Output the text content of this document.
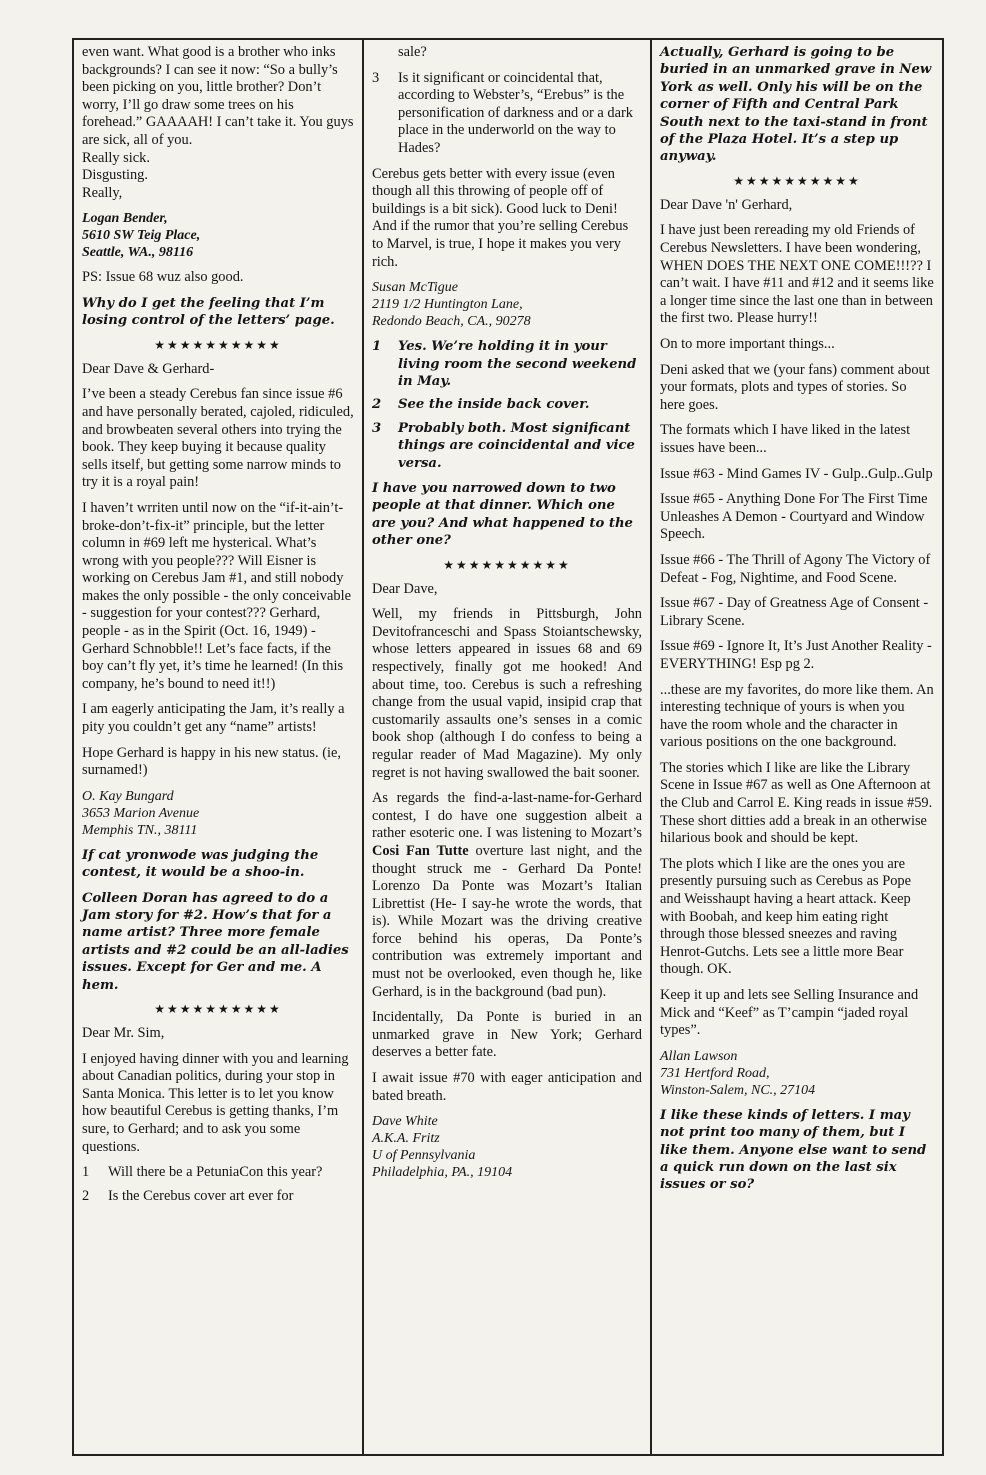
even want. What good is a brother who inks backgrounds? I can see it now: “So a bully’s been picking on you, little brother? Don’t worry, I’ll go draw some trees on his forehead.” GAAAAH! I can’t take it. You guys are sick, all of you.

Really sick.

Disgusting.

Really,

Logan Bender,
5610 SW Teig Place,
Seattle, WA., 98116

PS: Issue 68 wuz also good.

Why do I get the feeling that I’m losing control of the letters’ page.

★★★★★★★★★★

Dear Dave & Gerhard-

I’ve been a steady Cerebus fan since issue #6 and have personally berated, cajoled, ridiculed, and browbeaten several others into trying the book. They keep buying it because quality sells itself, but getting some narrow minds to try it is a royal pain!

I haven’t wrriten until now on the “if-it-ain’t-broke-don’t-fix-it” principle, but the letter column in #69 left me hysterical. What’s wrong with you people??? Will Eisner is working on Cerebus Jam #1, and still nobody makes the only possible - the only conceivable - suggestion for your contest??? Gerhard, people - as in the Spirit (Oct. 16, 1949) - Gerhard Schnobble!! Let’s face facts, if the boy can’t fly yet, it’s time he learned! (In this company, he’s bound to need it!!)

I am eagerly anticipating the Jam, it’s really a pity you couldn’t get any “name” artists!

Hope Gerhard is happy in his new status. (ie, surnamed!)

O. Kay Bungard
3653 Marion Avenue
Memphis TN., 38111

If cat yronwode was judging the contest, it would be a shoo-in.

Colleen Doran has agreed to do a Jam story for #2. How’s that for a name artist? Three more female artists and #2 could be an all-ladies issues. Except for Ger and me. A hem.

★★★★★★★★★★

Dear Mr. Sim,

I enjoyed having dinner with you and learning about Canadian politics, during your stop in Santa Monica. This letter is to let you know how beautiful Cerebus is getting thanks, I’m sure, to Gerhard; and to ask you some questions.

1	Will there be a PetuniaCon this year?
2	Is the Cerebus cover art ever for

sale?

3	Is it significant or coincidental that, according to Webster’s, “Erebus” is the personification of darkness and or a dark place in the underworld on the way to Hades?

Cerebus gets better with every issue (even though all this throwing of people off of buildings is a bit sick). Good luck to Deni! And if the rumor that you’re selling Cerebus to Marvel, is true, I hope it makes you very rich.

Susan McTigue
2119 1/2 Huntington Lane,
Redondo Beach, CA., 90278
1	Yes. We’re holding it in your living room the second weekend in May.
2	See the inside back cover.
3	Probably both. Most significant things are coincidental and vice versa.

I have you narrowed down to two people at that dinner. Which one are you? And what happened to the other one?

★★★★★★★★★★

Dear Dave,

Well, my friends in Pittsburgh, John Devitofranceschi and Spass Stoiantschewsky, whose letters appeared in issues 68 and 69 respectively, finally got me hooked! And about time, too. Cerebus is such a refreshing change from the usual vapid, insipid crap that customarily assaults one’s senses in a comic book shop (although I do confess to being a regular reader of Mad Magazine). My only regret is not having swallowed the bait sooner.

As regards the find-a-last-name-for-Gerhard contest, I do have one suggestion albeit a rather esoteric one. I was listening to Mozart’s Cosi Fan Tutte overture last night, and the thought struck me - Gerhard Da Ponte! Lorenzo Da Ponte was Mozart’s Italian Librettist (He- I say-he wrote the words, that is). While Mozart was the driving creative force behind his operas, Da Ponte’s contribution was extremely important and must not be overlooked, even though he, like Gerhard, is in the background (bad pun).

Incidentally, Da Ponte is buried in an unmarked grave in New York; Gerhard deserves a better fate.

I await issue #70 with eager anticipation and bated breath.

Dave White
A.K.A. Fritz
U of Pennsylvania
Philadelphia, PA., 19104

Actually, Gerhard is going to be buried in an unmarked grave in New York as well. Only his will be on the corner of Fifth and Central Park South next to the taxi-stand in front of the Plaza Hotel. It’s a step up anyway.

★★★★★★★★★★

Dear Dave 'n' Gerhard,

I have just been rereading my old Friends of Cerebus Newsletters. I have been wondering, WHEN DOES THE NEXT ONE COME!!!?? I can’t wait. I have #11 and #12 and it seems like a longer time since the last one than in between the first two. Please hurry!!

On to more important things...

Deni asked that we (your fans) comment about your formats, plots and types of stories. So here goes.

The formats which I have liked in the latest issues have been...

Issue #63 - Mind Games IV - Gulp..Gulp..Gulp

Issue #65 - Anything Done For The First Time Unleashes A Demon - Courtyard and Window Speech.

Issue #66 - The Thrill of Agony The Victory of Defeat - Fog, Nightime, and Food Scene.

Issue #67 - Day of Greatness Age of Consent - Library Scene.

Issue #69 - Ignore It, It’s Just Another Reality - EVERYTHING! Esp pg 2.

...these are my favorites, do more like them. An interesting technique of yours is when you have the room whole and the character in various positions on the one background.

The stories which I like are like the Library Scene in Issue #67 as well as One Afternoon at the Club and Carrol E. King reads in issue #59. These short ditties add a break in an otherwise hilarious book and should be kept.

The plots which I like are the ones you are presently pursuing such as Cerebus as Pope and Weisshaupt having a heart attack. Keep with Boobah, and keep him eating right through those blessed sneezes and raving Henrot-Gutchs. Lets see a little more Bear though. OK.

Keep it up and lets see Selling Insurance and Mick and “Keef” as T’campin “jaded royal types”.

Allan Lawson
731 Hertford Road,
Winston-Salem, NC., 27104

I like these kinds of letters. I may not print too many of them, but I like them. Anyone else want to send a quick run down on the last six issues or so?
